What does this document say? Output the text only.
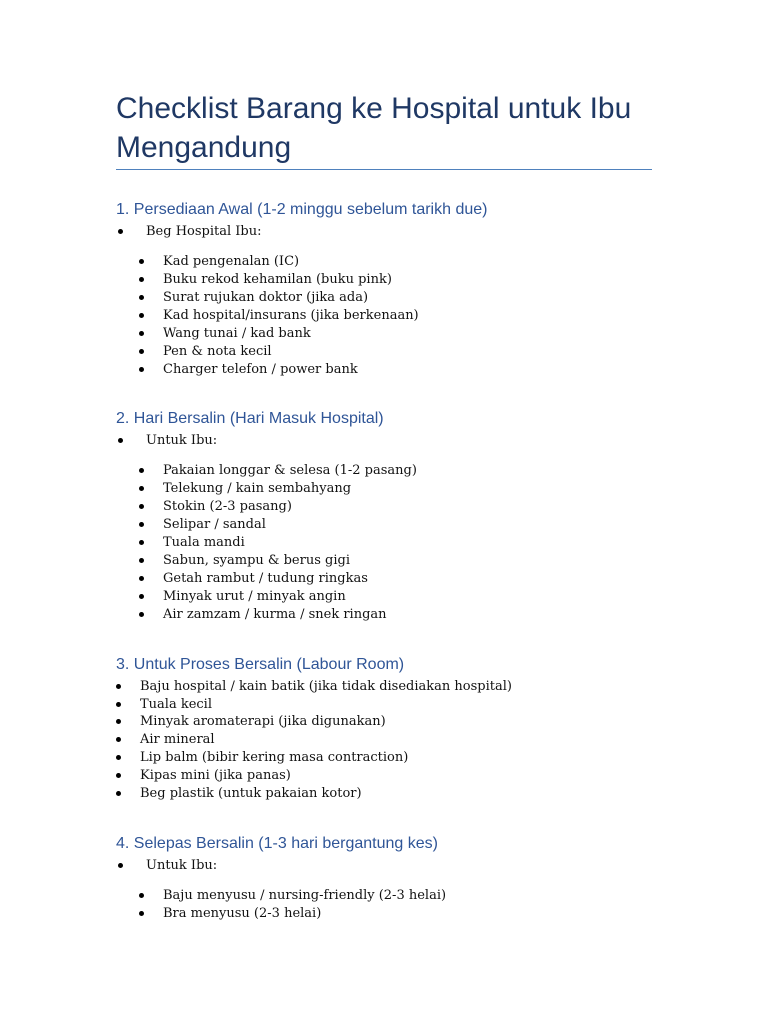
Checklist Barang ke Hospital untuk Ibu
Mengandung
1. Persediaan Awal (1-2 minggu sebelum tarikh due)
Beg Hospital Ibu:
Kad pengenalan (IC)
Buku rekod kehamilan (buku pink)
Surat rujukan doktor (jika ada)
Kad hospital/insurans (jika berkenaan)
Wang tunai / kad bank
Pen & nota kecil
Charger telefon / power bank
2. Hari Bersalin (Hari Masuk Hospital)
Untuk Ibu:
Pakaian longgar & selesa (1-2 pasang)
Telekung / kain sembahyang
Stokin (2-3 pasang)
Selipar / sandal
Tuala mandi
Sabun, syampu & berus gigi
Getah rambut / tudung ringkas
Minyak urut / minyak angin
Air zamzam / kurma / snek ringan
3. Untuk Proses Bersalin (Labour Room)
Baju hospital / kain batik (jika tidak disediakan hospital)
Tuala kecil
Minyak aromaterapi (jika digunakan)
Air mineral
Lip balm (bibir kering masa contraction)
Kipas mini (jika panas)
Beg plastik (untuk pakaian kotor)
4. Selepas Bersalin (1-3 hari bergantung kes)
Untuk Ibu:
Baju menyusu / nursing-friendly (2-3 helai)
Bra menyusu (2-3 helai)
